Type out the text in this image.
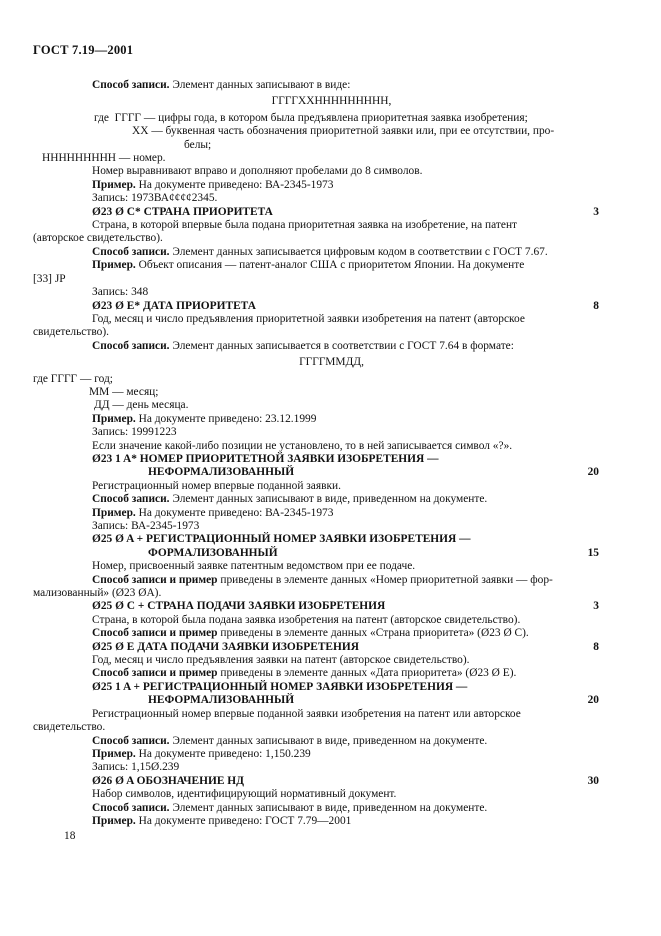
ГОСТ 7.19—2001
Способ записи. Элемент данных записывают в виде:
ГГГГХХННННННННН,
где ГГГГ — цифры года, в котором была предъявлена приоритетная заявка изобретения;
XX — буквенная часть обозначения приоритетной заявки или, при ее отсутствии, про-
белы;
ННННННННН — номер.
Номер выравнивают вправо и дополняют пробелами до 8 символов.
Пример. На документе приведено: ВА-2345-1973
Запись: 1973ВА¢¢¢¢2345.
Ø23 Ø C* СТРАНА ПРИОРИТЕТА	3
Страна, в которой впервые была подана приоритетная заявка на изобретение, на патент
(авторское свидетельство).
Способ записи. Элемент данных записывается цифровым кодом в соответствии с ГОСТ 7.67.
Пример. Объект описания — патент-аналог США с приоритетом Японии. На документе
[33] JP
Запись: 348
Ø23 Ø E* ДАТА ПРИОРИТЕТА	8
Год, месяц и число предъявления приоритетной заявки изобретения на патент (авторское
свидетельство).
Способ записи. Элемент данных записывается в соответствии с ГОСТ 7.64 в формате:
ГГГГММДД,
где ГГГГ — год;
ММ — месяц;
ДД — день месяца.
Пример. На документе приведено: 23.12.1999
Запись: 19991223
Если значение какой-либо позиции не установлено, то в ней записывается символ «?».
Ø23 1 A* НОМЕР ПРИОРИТЕТНОЙ ЗАЯВКИ ИЗОБРЕТЕНИЯ —
НЕФОРМАЛИЗОВАННЫЙ	20
Регистрационный номер впервые поданной заявки.
Способ записи. Элемент данных записывают в виде, приведенном на документе.
Пример. На документе приведено: ВА-2345-1973
Запись: ВА-2345-1973
Ø25 Ø A + РЕГИСТРАЦИОННЫЙ НОМЕР ЗАЯВКИ ИЗОБРЕТЕНИЯ —
ФОРМАЛИЗОВАННЫЙ	15
Номер, присвоенный заявке патентным ведомством при ее подаче.
Способ записи и пример приведены в элементе данных «Номер приоритетной заявки — фор-
мализованный» (Ø23 ØA).
Ø25 Ø C + СТРАНА ПОДАЧИ ЗАЯВКИ ИЗОБРЕТЕНИЯ	3
Страна, в которой была подана заявка изобретения на патент (авторское свидетельство).
Способ записи и пример приведены в элементе данных «Страна приоритета» (Ø23 Ø C).
Ø25 Ø E ДАТА ПОДАЧИ ЗАЯВКИ ИЗОБРЕТЕНИЯ	8
Год, месяц и число предъявления заявки на патент (авторское свидетельство).
Способ записи и пример приведены в элементе данных «Дата приоритета» (Ø23 Ø E).
Ø25 1 A + РЕГИСТРАЦИОННЫЙ НОМЕР ЗАЯВКИ ИЗОБРЕТЕНИЯ —
НЕФОРМАЛИЗОВАННЫЙ	20
Регистрационный номер впервые поданной заявки изобретения на патент или авторское
свидетельство.
Способ записи. Элемент данных записывают в виде, приведенном на документе.
Пример. На документе приведено: 1,150.239
Запись: 1,15Ø.239
Ø26 Ø A ОБОЗНАЧЕНИЕ НД	30
Набор символов, идентифицирующий нормативный документ.
Способ записи. Элемент данных записывают в виде, приведенном на документе.
Пример. На документе приведено: ГОСТ 7.79—2001
18
